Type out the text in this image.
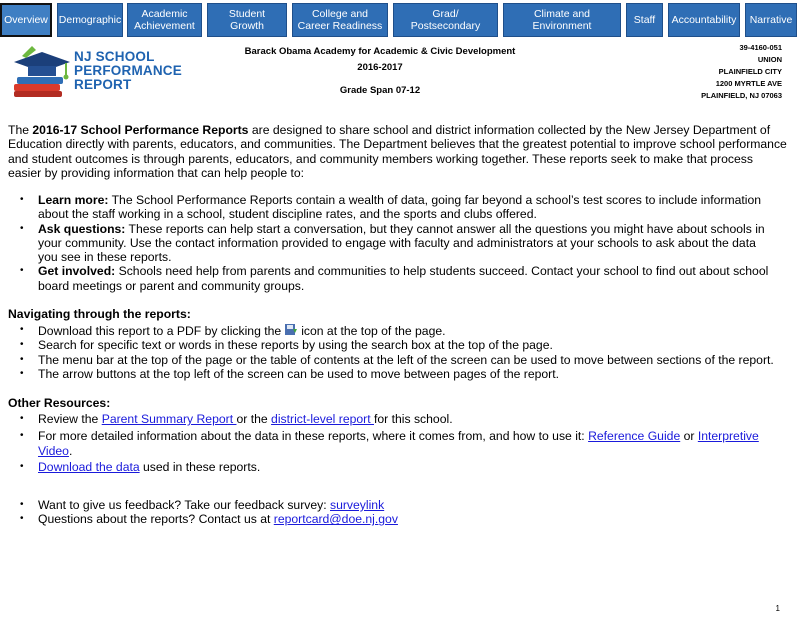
Overview	Demographic	Academic
Achievement
Student
Growth
College and
Career Readiness
Grad/
Postsecondary
Climate and
Environment	Staff	Accountability	Narrative
NJ SCHOOL
PERFORMANCE
REPORT
Barack Obama Academy for Academic & Civic Development
2016-2017
Grade Span 07-12
39-4160-051
UNION
PLAINFIELD CITY
1200 MYRTLE AVE
PLAINFIELD, NJ 07063
The 2016-17 School Performance Reports are designed to share school and district information collected by the New Jersey Department of Education directly with parents, educators, and communities. The Department believes that the greatest potential to improve school performance and student outcomes is through parents, educators, and community members working together. These reports seek to make that process easier by providing information that can help people to:
• Learn more: The School Performance Reports contain a wealth of data, going far beyond a school’s test scores to include information about the staff working in a school, student discipline rates, and the sports and clubs offered.
• Ask questions: These reports can help start a conversation, but they cannot answer all the questions you might have about schools in your community. Use the contact information provided to engage with faculty and administrators at your schools to ask about the data you see in these reports.
• Get involved: Schools need help from parents and communities to help students succeed. Contact your school to find out about school board meetings or parent and community groups.
Navigating through the reports:
• Download this report to a PDF by clicking the icon at the top of the page.
• Search for specific text or words in these reports by using the search box at the top of the page.
• The menu bar at the top of the page or the table of contents at the left of the screen can be used to move between sections of the report.
• The arrow buttons at the top left of the screen can be used to move between pages of the report.
Other Resources:
• Review the Parent Summary Report or the district-level report for this school.
• For more detailed information about the data in these reports, where it comes from, and how to use it: Reference Guide or Interpretive Video.
• Download the data used in these reports.
• Want to give us feedback? Take our feedback survey: surveylink
• Questions about the reports? Contact us at reportcard@doe.nj.gov
1
